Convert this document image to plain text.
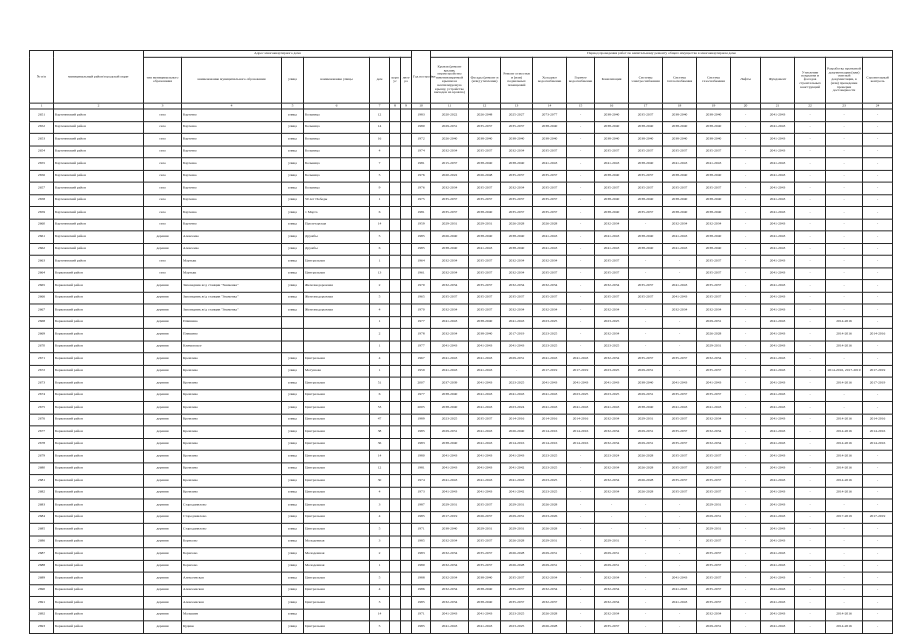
№ п/п	муниципальный район/городской округ	Адрес многоквартирного дома							Год постройки	Период проведения работ по капитальному ремонту общего имущества в многоквартирном доме													
		тип муниципального образования	наименование муниципального образования	улица	наименование улицы	дом	корпус	литера		Кровля (ремонт крыши, переустройство невентилируемой крыши на вентилируемую крышу, устройство выходов на кровлю)	Фасады (ремонт и (или) утепление)	Ремонт отмостки и (или) подвальных помещений	Холодное водоснабжение	Горячее водоснабжение	Канализация	Системы электроснабжения	Система теплоснабжения	Система газоснабжения	Лифты	Фундамент	Утепление покрытия и фасадов строительных конструкций	Разработка проектной документации (или) сметной документации, в (или) проведение проверки достоверности	Строительный контроль
1	2	3	4	5	6	7	8	9	10	11	12	13	14	15	16	17	18	19	20	21	22	23	24
2651	Бартеневский район	село	Бартеево	улица	Больница	12			1983	2020-2022	2026-2048	2025-2027	2073-2077	-	2038-2040	2035-2037	2038-2040	2038-2040	-	2041-2043	-	-	-
2652	Бартеневский район	село	Бартеево	улица	Больница	14			1980	2029-2031	2035-2037	2035-2037	2038-2040	-	2038-2040	2038-2040	2038-2040	2038-2040	-	2041-2043	-	-	-
2653	Бартеневский район	село	Бартеево	улица	Больница	16			1972	2026-2040	2038-2040	2038-2040	2038-2040	-	2038-2040	2038-2040	2038-2040	2038-2040	-	2041-2043	-	-	-
2654	Бартеневский район	село	Бартеево	улица	Больница	4			1974	2032-2034	2035-2037	2032-2034	2035-2037	-	2035-2037	2035-2037	2035-2037	2035-2037	-	2041-2043	-	-	-
2655	Бартеневский район	село	Бартеево	улица	Больница	7			1981	2015-2037	2038-2040	2038-2040	2041-2043	-	2041-2043	2038-2040	2041-2043	2041-2043	-	2041-2043	-	-	-
2656	Бартеневский район	село	Бартеево	улица	Больница	5			1976	2020-2022	2026-2048	2035-2037	2035-2037	-	2038-2040	2035-2037	2038-2040	2038-2040	-	2041-2043	-	-	-
2657	Бартеневский район	село	Бартеево	улица	Больница	9			1976	2032-2034	2035-2037	2032-2034	2035-2037	-	2035-2037	2035-2037	2035-2037	2035-2037	-	2041-2043	-	-	-
2658	Бартеневский район	село	Бартеево	улица	50 лет Победы	1			1975	2035-2037	2035-2037	2035-2037	2035-2037	-	2038-2040	2038-2040	2038-2040	2038-2040	-	2041-2043	-	-	-
2659	Бартеневский район	село	Бартеево	улица	1 Марта	6			1981	2035-2037	2038-2040	2035-2037	2035-2037	-	2038-2040	2035-2037	2038-2040	2038-2040	-	2041-2043	-	-	-
2660	Бартеневский район	село	Бартеево	улица	Пролетарская	14			1959	2029-2031	2029-2031	2026-2028	2026-2028	-	2032-2034	-	2032-2034	2032-2034	-	2041-2043	-	-	-
2661	Бартеневский район	деревня	Алексеево	улица	Дружбы	5			1985	2026-2040	2038-2040	2038-2040	2041-2043	-	2041-2043	2038-2040	2041-2043	2038-2040	-	2041-2043	-	-	-
2662	Бартеневский район	деревня	Алексеево	улица	Дружбы	6			1985	2038-2040	2041-2043	2038-2040	2041-2043	-	2041-2043	2038-2040	2041-2043	2038-2040	-	2041-2043	-	-	-
2663	Бартеневский район	село	Мартыш	улица	Центральная	1			1964	2032-2034	2035-2037	2032-2034	2032-2034	-	2035-2037	-	-	2035-2037	-	2041-2043	-	-	-
2664	Борковский район	село	Мартыш	улица	Центральная	13			1961	2032-2034	2035-2037	2032-2034	2035-2037	-	2035-2037	-	-	2035-2037	-	2041-2043	-	-	-
2665	Борковский район	деревня	Заповедник ж/д станции "Знаменка"	улица	Железнодорожная	2			1970	2032-2034	2035-2037	2032-2034	2032-2034	-	2032-2034	2035-2037	2041-2043	2035-2037	-	2041-2043	-	-	-
2666	Борковский район	деревня	Заповедник ж/д станции "Знаменка"	улица	Железнодорожная	5			1965	2035-2037	2035-2037	2035-2037	2035-2037	-	2035-2037	2035-2037	2041-2043	2035-2037	-	2041-2043	-	-	-
2667	Борковский район	деревня	Заповедник ж/д станции "Знаменка"	улица	Железнодорожная	4			1970	2032-2034	2035-2037	2032-2034	2032-2034	-	2032-2034	-	2032-2034	2032-2034	-	2041-2043	-	-	-
2668	Борковский район	деревня	Плишино			1			1977	2041-2043	2038-2040	2041-2043	2023-2025	-	2023-2025	-	-	2029-2031	-	2041-2043	-	2014-2016	-
2669	Борковский район	деревня	Плишино			2			1978	2032-2034	2038-2040	2017-2019	2023-2025	-	2032-2034	-	-	2026-2028	-	2041-2043	-	2014-2016	2014-2016
2670	Борковский район	деревня	Климовское			1			1977	2041-2043	2041-2043	2041-2043	2023-2025	-	2023-2025	-	-	2029-2031	-	2041-2043	-	2014-2016	-
2671	Борковский район	деревня	Кремлево	улица	Центральная	4			1967	2041-2043	2041-2043	2029-2031	2041-2043	2041-2043	2032-2034	2035-2037	2035-2037	2032-2034	-	2041-2043	-	-	-
2672	Борковский район	деревня	Кремлево	улица	Мотушова	1			1959	2041-2043	2041-2043	-	2017-2019	2017-2019	2023-2025	2029-2031	-	2035-2037	-	2041-2043	-	2014-2016, 2017-2019	2017-2019
2673	Борковский район	деревня	Кремлево	улица	Центральная	51			2007	2037-2039	2041-2043	2023-2025	2041-2043	2041-2043	2041-2043	2038-2040	2041-2043	2041-2043	-	2041-2043	-	2014-2016	2017-2019
2674	Борковский район	деревня	Кремлево	улица	Центральная	6			1977	2038-2040	2041-2043	2041-2043	2041-2043	2023-2025	2023-2025	2029-2031	2035-2037	2035-2037	-	2041-2043	-	-	-
2675	Борковский район	деревня	Кремлево	улица	Центральная	53			2005	2038-2040	2041-2043	2023-2024	2041-2043	2041-2043	2041-2043	2038-2040	2041-2043	2041-2043	-	2041-2043	-	-	-
2676	Борковский район	деревня	Кремлево	улица	Центральная	47			1989	2023-2025	2035-2037	2014-2016	2014-2016	2014-2016	2032-2034	2029-2031	2035-2037	2032-2034	-	2041-2043	-	2014-2016	2014-2016
2677	Борковский район	деревня	Кремлево	улица	Центральная	38			1985	2029-2031	2041-2043	2026-2040	2014-2016	2014-2016	2032-2034	2029-2031	2035-2037	2032-2034	-	2041-2043	-	2014-2016	2014-2016
2678	Борковский район	деревня	Кремлево	улица	Центральная	36			1983	2038-2040	2041-2043	2014-2016	2014-2016	2014-2016	2032-2034	2029-2031	2035-2037	2032-2034	-	2041-2043	-	2014-2016	2014-2016
2679	Борковский район	деревня	Кремлево	улица	Центральная	14			1980	2041-2043	2041-2043	2041-2043	2023-2025	-	2023-2024	2026-2028	2035-2037	2035-2037	-	2041-2043	-	2014-2016	-
2680	Борковский район	деревня	Кремлево	улица	Центральная	12			1981	2041-2043	2041-2043	2041-2042	2023-2025	-	2032-2034	2026-2028	2035-2037	2035-2037	-	2041-2043	-	2014-2016	-
2681	Борковский район	деревня	Кремлево	улица	Центральная	30			1974	2041-2043	2041-2043	2041-2043	2023-2025	-	2032-2034	2026-2028	2035-2037	2035-2037	-	2041-2043	-	2014-2016	-
2682	Борковский район	деревня	Кремлево	улица	Центральная	4			1973	2041-2043	2041-2043	2041-2042	2023-2025	-	2032-2034	2026-2028	2035-2037	2035-2037	-	2041-2043	-	2014-2016	-
2683	Борковский район	деревня	Староданилово	улица	Центральная	3			1987	2029-2031	2035-2037	2029-2031	2026-2028	-	-	-	-	2029-2031	-	2041-2043	-	-	-
2684	Борковский район	деревня	Староданилово	улица	Центральная	4			1985	2017-2019	2026-2037	2029-2031	2023-2026	-	-	-	-	2029-2031	-	2041-2043	-	2017-2019	2017-2019
2685	Борковский район	деревня	Староданилово	улица	Центральная	5			1971	2038-2040	2029-2031	2029-2031	2026-2028	-	-	-	-	2029-2031	-	2041-2043	-	-	-
2686	Борковский район	деревня	Борисово	улица	Молодежная	3			1985	2032-2034	2035-2037	2026-2028	2029-2031	-	2029-2031	-	-	2035-2037	-	2041-2043	-	-	-
2687	Борковский район	деревня	Борисово	улица	Молодежная	2			1983	2032-2034	2035-2037	2026-2028	2029-2031	-	2029-2031	-	-	2035-2037	-	2041-2043	-	-	-
2688	Борковский район	деревня	Борисово	улица	Молодежная	1			1980	2032-2034	2035-2037	2026-2028	2029-2031	-	2029-2031	-	-	2035-2037	-	2041-2043	-	-	-
2689	Борковский район	деревня	Алексеевская	улица	Центральная	5			1988	2032-2034	2038-2040	2035-2037	2032-2034	-	2032-2034	-	2041-2043	2035-2037	-	2041-2043	-	-	-
2690	Борковский район	деревня	Алексеевская	улица	Центральная	4			1986	2032-2034	2038-2040	2035-2037	2032-2034	-	2032-2034	-	2041-2043	2035-2037	-	2041-2043	-	-	-
2691	Борковский район	деревня	Алексеевская	улица	Центральная	3			1985	2032-2034	2038-2040	2035-2037	2032-2037	-	2032-2034	-	2041-2043	2035-2037	-	2041-2043	-	-	-
2692	Борковский район	деревня	Малышев	улица		14			1971	2041-2043	2041-2043	2023-2025	2026-2028	-	2032-2034	-	-	2032-2034	-	2041-2043	-	2014-2016	-
2693	Борковский район	деревня	Кудино	улица	Центральная	5			1985	2041-2043	2041-2043	2023-2025	2026-2028	-	2035-2037	-	-	2029-2031	-	2041-2043	-	2014-2016	-
